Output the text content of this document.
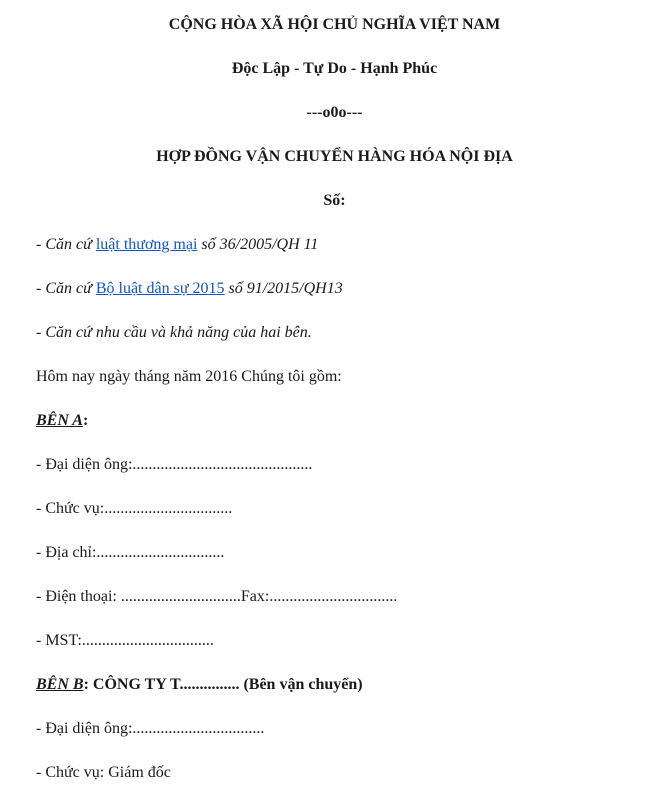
CỘNG HÒA XÃ HỘI CHỦ NGHĨA VIỆT NAM

Độc Lập - Tự Do - Hạnh Phúc

---o0o---

HỢP ĐỒNG VẬN CHUYỂN HÀNG HÓA NỘI ĐỊA

Số:

- Căn cứ luật thương mại số 36/2005/QH 11

- Căn cứ Bộ luật dân sự 2015 số 91/2015/QH13

- Căn cứ nhu cầu và khả năng của hai bên.

Hôm nay ngày tháng năm 2016 Chúng tôi gồm:

BÊN A:

- Đại diện ông:.............................................

- Chức vụ:................................

- Địa chỉ:................................

- Điện thoại: ..............................Fax:................................

- MST:.................................

BÊN B: CÔNG TY T............... (Bên vận chuyển)

- Đại diện ông:.................................

- Chức vụ: Giám đốc
